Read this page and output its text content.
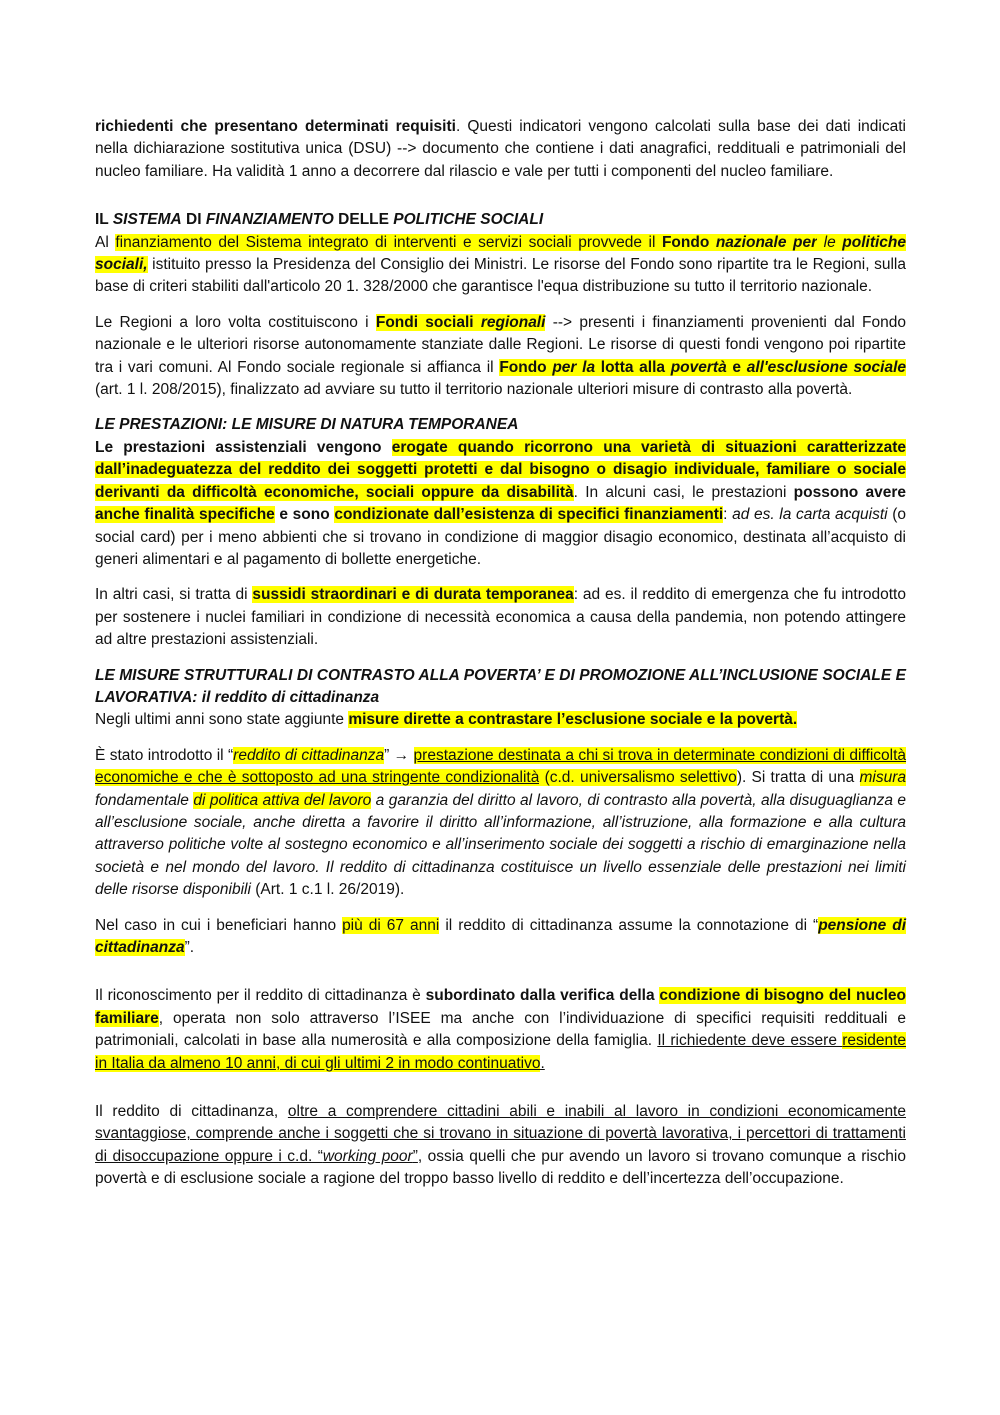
richiedenti che presentano determinati requisiti. Questi indicatori vengono calcolati sulla base dei dati indicati nella dichiarazione sostitutiva unica (DSU) --> documento che contiene i dati anagrafici, reddituali e patrimoniali del nucleo familiare. Ha validità 1 anno a decorrere dal rilascio e vale per tutti i componenti del nucleo familiare.

IL SISTEMA DI FINANZIAMENTO DELLE POLITICHE SOCIALI

Al finanziamento del Sistema integrato di interventi e servizi sociali provvede il Fondo nazionale per le politiche sociali, istituito presso la Presidenza del Consiglio dei Ministri. Le risorse del Fondo sono ripartite tra le Regioni, sulla base di criteri stabiliti dall'articolo 20 1. 328/2000 che garantisce l'equa distribuzione su tutto il territorio nazionale.

Le Regioni a loro volta costituiscono i Fondi sociali regionali --> presenti i finanziamenti provenienti dal Fondo nazionale e le ulteriori risorse autonomamente stanziate dalle Regioni. Le risorse di questi fondi vengono poi ripartite tra i vari comuni. Al Fondo sociale regionale si affianca il Fondo per la lotta alla povertà e all'esclusione sociale (art. 1 l. 208/2015), finalizzato ad avviare su tutto il territorio nazionale ulteriori misure di contrasto alla povertà.

LE PRESTAZIONI: LE MISURE DI NATURA TEMPORANEA

Le prestazioni assistenziali vengono erogate quando ricorrono una varietà di situazioni caratterizzate dall’inadeguatezza del reddito dei soggetti protetti e dal bisogno o disagio individuale, familiare o sociale derivanti da difficoltà economiche, sociali oppure da disabilità. In alcuni casi, le prestazioni possono avere anche finalità specifiche e sono condizionate dall’esistenza di specifici finanziamenti: ad es. la carta acquisti (o social card) per i meno abbienti che si trovano in condizione di maggior disagio economico, destinata all’acquisto di generi alimentari e al pagamento di bollette energetiche.

In altri casi, si tratta di sussidi straordinari e di durata temporanea: ad es. il reddito di emergenza che fu introdotto per sostenere i nuclei familiari in condizione di necessità economica a causa della pandemia, non potendo attingere ad altre prestazioni assistenziali.

LE MISURE STRUTTURALI DI CONTRASTO ALLA POVERTA’ E DI PROMOZIONE ALL’INCLUSIONE SOCIALE E LAVORATIVA: il reddito di cittadinanza

Negli ultimi anni sono state aggiunte misure dirette a contrastare l’esclusione sociale e la povertà.

È stato introdotto il “reddito di cittadinanza” → prestazione destinata a chi si trova in determinate condizioni di difficoltà economiche e che è sottoposto ad una stringente condizionalità (c.d. universalismo selettivo). Si tratta di una misura fondamentale di politica attiva del lavoro a garanzia del diritto al lavoro, di contrasto alla povertà, alla disuguaglianza e all’esclusione sociale, anche diretta a favorire il diritto all’informazione, all’istruzione, alla formazione e alla cultura attraverso politiche volte al sostegno economico e all’inserimento sociale dei soggetti a rischio di emarginazione nella società e nel mondo del lavoro. Il reddito di cittadinanza costituisce un livello essenziale delle prestazioni nei limiti delle risorse disponibili (Art. 1 c.1 l. 26/2019).

Nel caso in cui i beneficiari hanno più di 67 anni il reddito di cittadinanza assume la connotazione di “pensione di cittadinanza”.

Il riconoscimento per il reddito di cittadinanza è subordinato dalla verifica della condizione di bisogno del nucleo familiare, operata non solo attraverso l’ISEE ma anche con l’individuazione di specifici requisiti reddituali e patrimoniali, calcolati in base alla numerosità e alla composizione della famiglia. Il richiedente deve essere residente in Italia da almeno 10 anni, di cui gli ultimi 2 in modo continuativo.

Il reddito di cittadinanza, oltre a comprendere cittadini abili e inabili al lavoro in condizioni economicamente svantaggiose, comprende anche i soggetti che si trovano in situazione di povertà lavorativa, i percettori di trattamenti di disoccupazione oppure i c.d. “working poor”, ossia quelli che pur avendo un lavoro si trovano comunque a rischio povertà e di esclusione sociale a ragione del troppo basso livello di reddito e dell’incertezza dell’occupazione.
